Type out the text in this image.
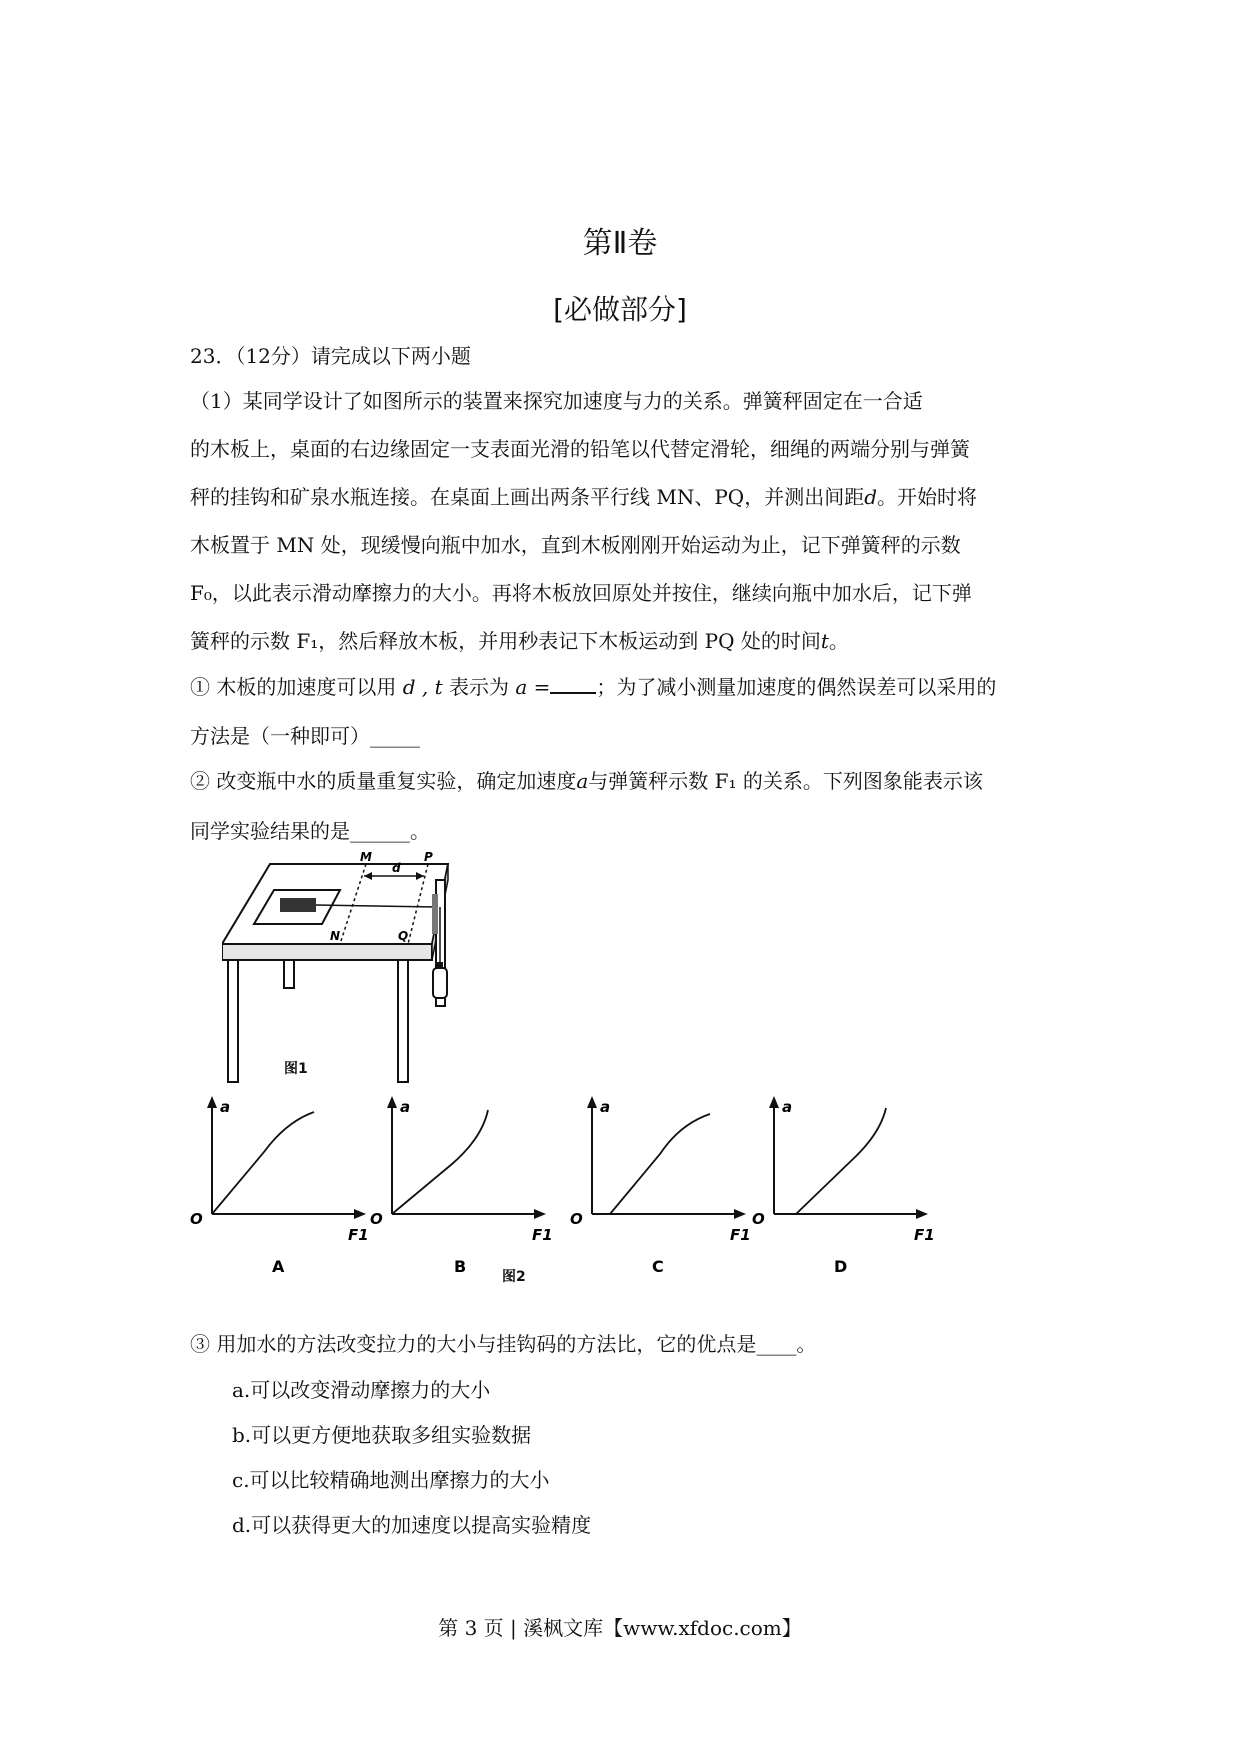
第Ⅱ卷
[必做部分]
23．（12分）请完成以下两小题
（1）某同学设计了如图所示的装置来探究加速度与力的关系。弹簧秤固定在一合适
的木板上，桌面的右边缘固定一支表面光滑的铅笔以代替定滑轮，细绳的两端分别与弹簧
秤的挂钩和矿泉水瓶连接。在桌面上画出两条平行线 MN、PQ，并测出间距d。开始时将
木板置于 MN 处，现缓慢向瓶中加水，直到木板刚刚开始运动为止，记下弹簧秤的示数
F₀，以此表示滑动摩擦力的大小。再将木板放回原处并按住，继续向瓶中加水后，记下弹
簧秤的示数 F₁，然后释放木板，并用秒表记下木板运动到 PQ 处的时间t。
① 木板的加速度可以用 d , t 表示为 a = ；为了减小测量加速度的偶然误差可以采用的
方法是（一种即可）_____
② 改变瓶中水的质量重复实验，确定加速度a与弹簧秤示数 F₁ 的关系。下列图象能表示该
同学实验结果的是______。
M	P
N	Q
d
图1
a
O
F1
A
a
O
F1
B
a
O
F1
C
a
O
F1
D
图2
③ 用加水的方法改变拉力的大小与挂钩码的方法比，它的优点是____。
a.可以改变滑动摩擦力的大小
b.可以更方便地获取多组实验数据
c.可以比较精确地测出摩擦力的大小
d.可以获得更大的加速度以提高实验精度
第 3 页 | 溪枫文库【www.xfdoc.com】
